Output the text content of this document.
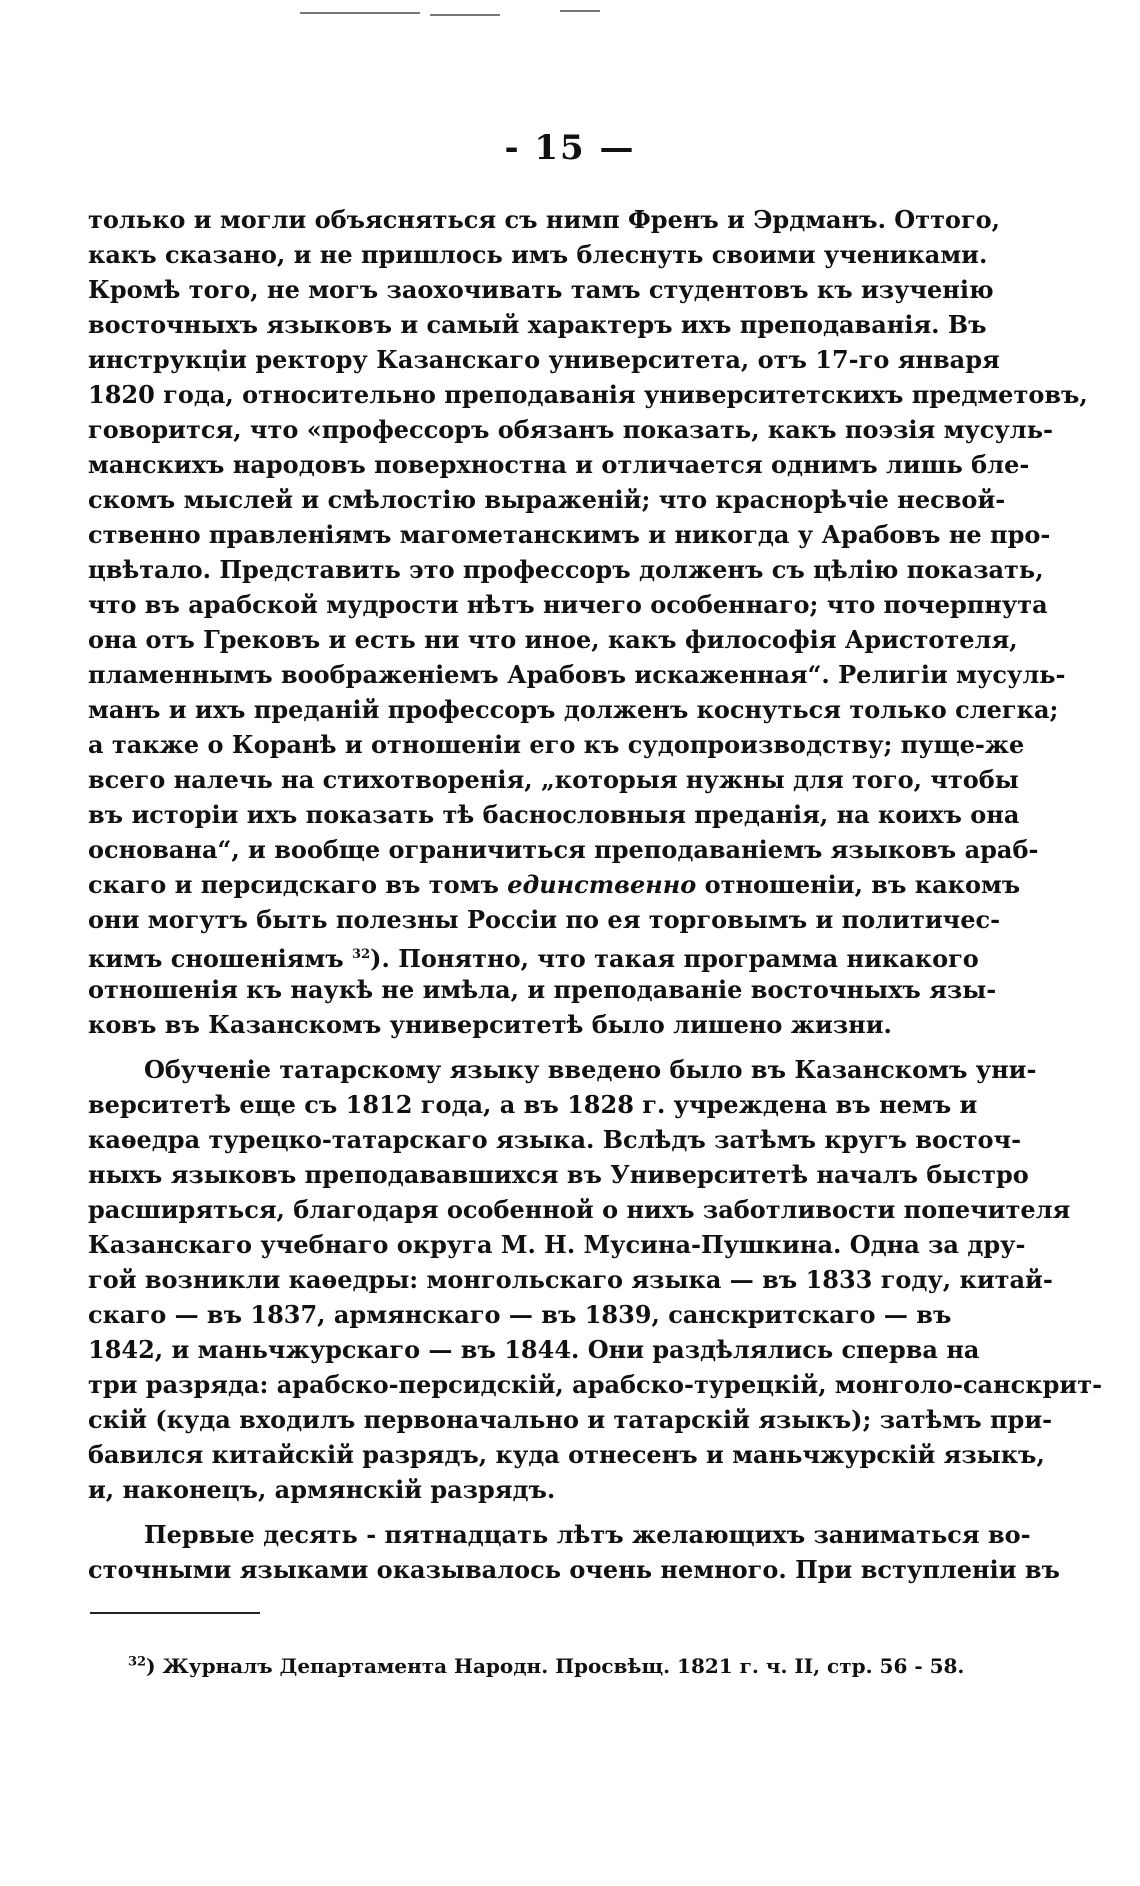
- 15 —
только и могли объясняться съ нимп Френъ и Эрдманъ. Оттого,
какъ сказано, и не пришлось имъ блеснуть своими учениками.
Кромѣ того, не могъ заохочивать тамъ студентовъ къ изученію
восточныхъ языковъ и самый характеръ ихъ преподаванія. Въ
инструкціи ректору Казанскаго университета, отъ 17-го января
1820 года, относительно преподаванія университетскихъ предметовъ,
говорится, что «профессоръ обязанъ показать, какъ поэзія мусуль-
манскихъ народовъ поверхностна и отличается однимъ лишь бле-
скомъ мыслей и смѣлостію выраженій; что краснорѣчіе несвой-
ственно правленіямъ магометанскимъ и никогда у Арабовъ не про-
цвѣтало. Представить это профессоръ долженъ съ цѣлію показать,
что въ арабской мудрости нѣтъ ничего особеннаго; что почерпнута
она отъ Грековъ и есть ни что иное, какъ философія Аристотеля,
пламеннымъ воображеніемъ Арабовъ искаженная“. Религіи мусуль-
манъ и ихъ преданій профессоръ долженъ коснуться только слегка;
а также о Коранѣ и отношеніи его къ судопроизводству; пуще-же
всего налечь на стихотворенія, „которыя нужны для того, чтобы
въ исторіи ихъ показать тѣ баснословныя преданія, на коихъ она
основана“, и вообще ограничиться преподаваніемъ языковъ араб-
скаго и персидскаго въ томъ единственно отношеніи, въ какомъ
они могутъ быть полезны Россіи по ея торговымъ и политичес-
кимъ сношеніямъ $^{32}$). Понятно, что такая программа никакого
отношенія къ наукѣ не имѣла, и преподаваніе восточныхъ язы-
ковъ въ Казанскомъ университетѣ было лишено жизни.
Обученіе татарскому языку введено было въ Казанскомъ уни-
верситетѣ еще съ 1812 года, а въ 1828 г. учреждена въ немъ и
каѳедра турецко-татарскаго языка. Вслѣдъ затѣмъ кругъ восточ-
ныхъ языковъ преподававшихся въ Университетѣ началъ быстро
расширяться, благодаря особенной о нихъ заботливости попечителя
Казанскаго учебнаго округа М. Н. Мусина-Пушкина. Одна за дру-
гой возникли каѳедры: монгольскаго языка — въ 1833 году, китай-
скаго — въ 1837, армянскаго — въ 1839, санскритскаго — въ
1842, и маньчжурскаго — въ 1844. Они раздѣлялись сперва на
три разряда: арабско-персидскій, арабско-турецкій, монголо-санскрит-
скій (куда входилъ первоначально и татарскій языкъ); затѣмъ при-
бавился китайскій разрядъ, куда отнесенъ и маньчжурскій языкъ,
и, наконецъ, армянскій разрядъ.
Первые десять - пятнадцать лѣтъ желающихъ заниматься во-
сточными языками оказывалось очень немного. При вступленіи въ
$^{32}$) Журналъ Департамента Народн. Просвѣщ. 1821 г. ч. II, стр. 56 - 58.
